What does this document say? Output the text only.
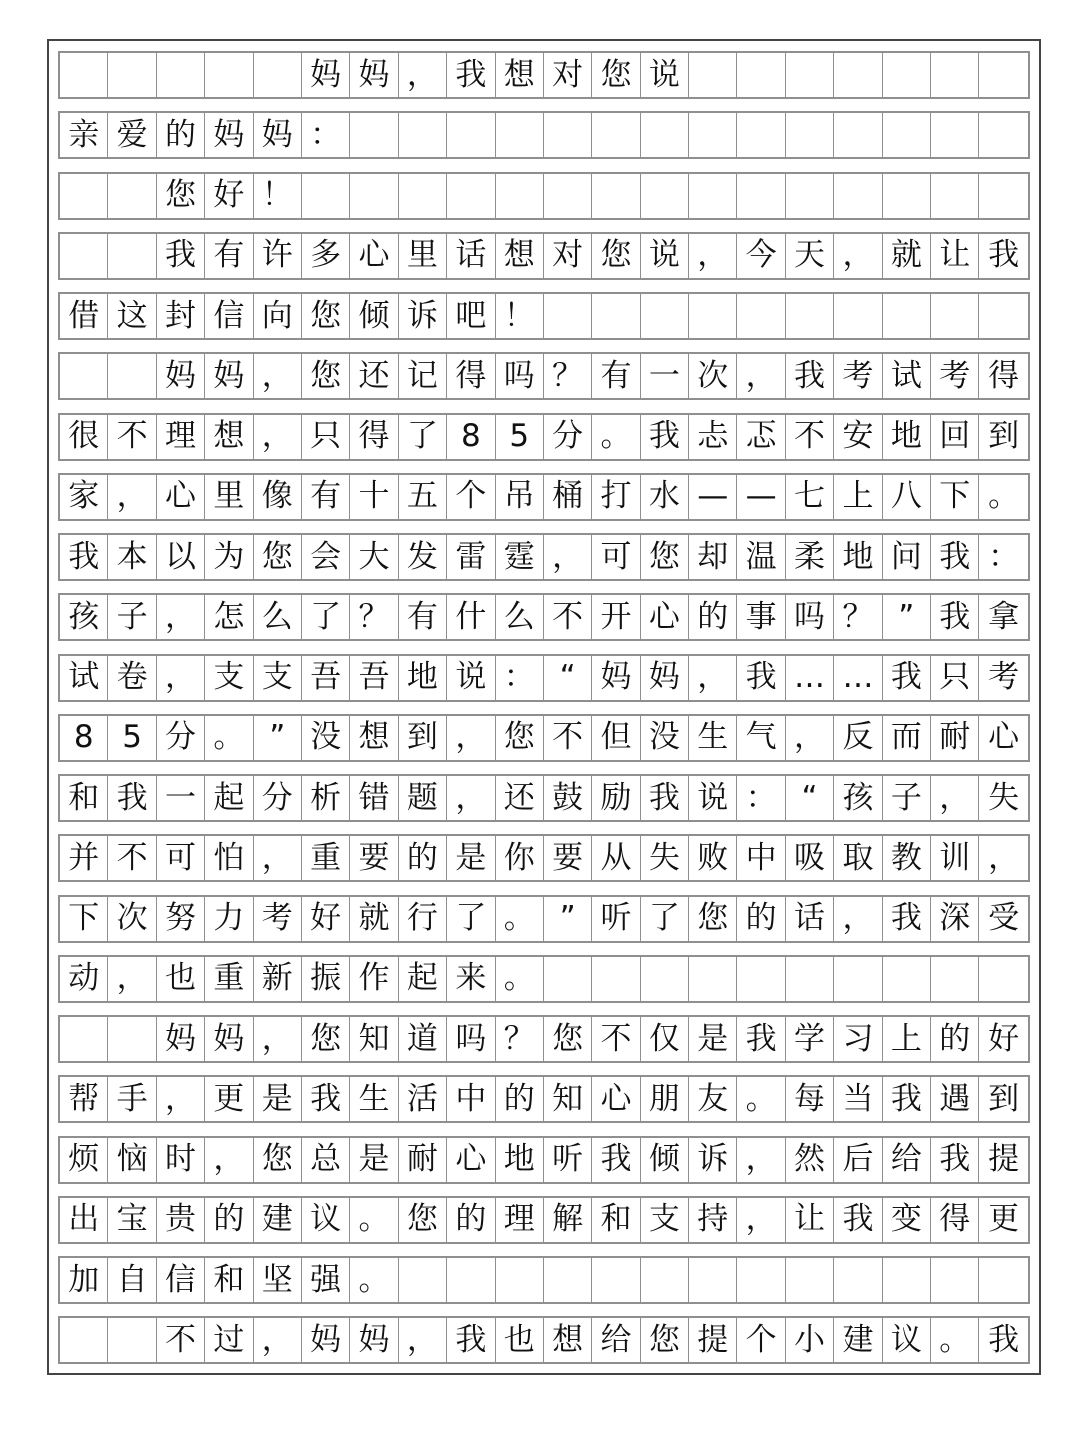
妈 妈 ， 我 想 对 您 说
亲 爱 的 妈 妈 ：
您 好 ！
我 有 许 多 心 里 话 想 对 您 说 ， 今 天 ， 就 让 我
借 这 封 信 向 您 倾 诉 吧 ！
妈 妈 ， 您 还 记 得 吗 ？ 有 一 次 ， 我 考 试 考 得
很 不 理 想 ， 只 得 了 8 5 分 。 我 忐 忑 不 安 地 回 到
家 ， 心 里 像 有 十 五 个 吊 桶 打 水 — — 七 上 八 下 。
我 本 以 为 您 会 大 发 雷 霆 ， 可 您 却 温 柔 地 问 我 ：
孩 子 ， 怎 么 了 ？ 有 什 么 不 开 心 的 事 吗 ？ ” 我 拿
试 卷 ， 支 支 吾 吾 地 说 ： “ 妈 妈 ， 我 … … 我 只 考
8 5 分 。 ” 没 想 到 ， 您 不 但 没 生 气 ， 反 而 耐 心
和 我 一 起 分 析 错 题 ， 还 鼓 励 我 说 ： “ 孩 子 ， 失
并 不 可 怕 ， 重 要 的 是 你 要 从 失 败 中 吸 取 教 训 ，
下 次 努 力 考 好 就 行 了 。 ” 听 了 您 的 话 ， 我 深 受
动 ， 也 重 新 振 作 起 来 。
妈 妈 ， 您 知 道 吗 ？ 您 不 仅 是 我 学 习 上 的 好
帮 手 ， 更 是 我 生 活 中 的 知 心 朋 友 。 每 当 我 遇 到
烦 恼 时 ， 您 总 是 耐 心 地 听 我 倾 诉 ， 然 后 给 我 提
出 宝 贵 的 建 议 。 您 的 理 解 和 支 持 ， 让 我 变 得 更
加 自 信 和 坚 强 。
不 过 ， 妈 妈 ， 我 也 想 给 您 提 个 小 建 议 。 我
